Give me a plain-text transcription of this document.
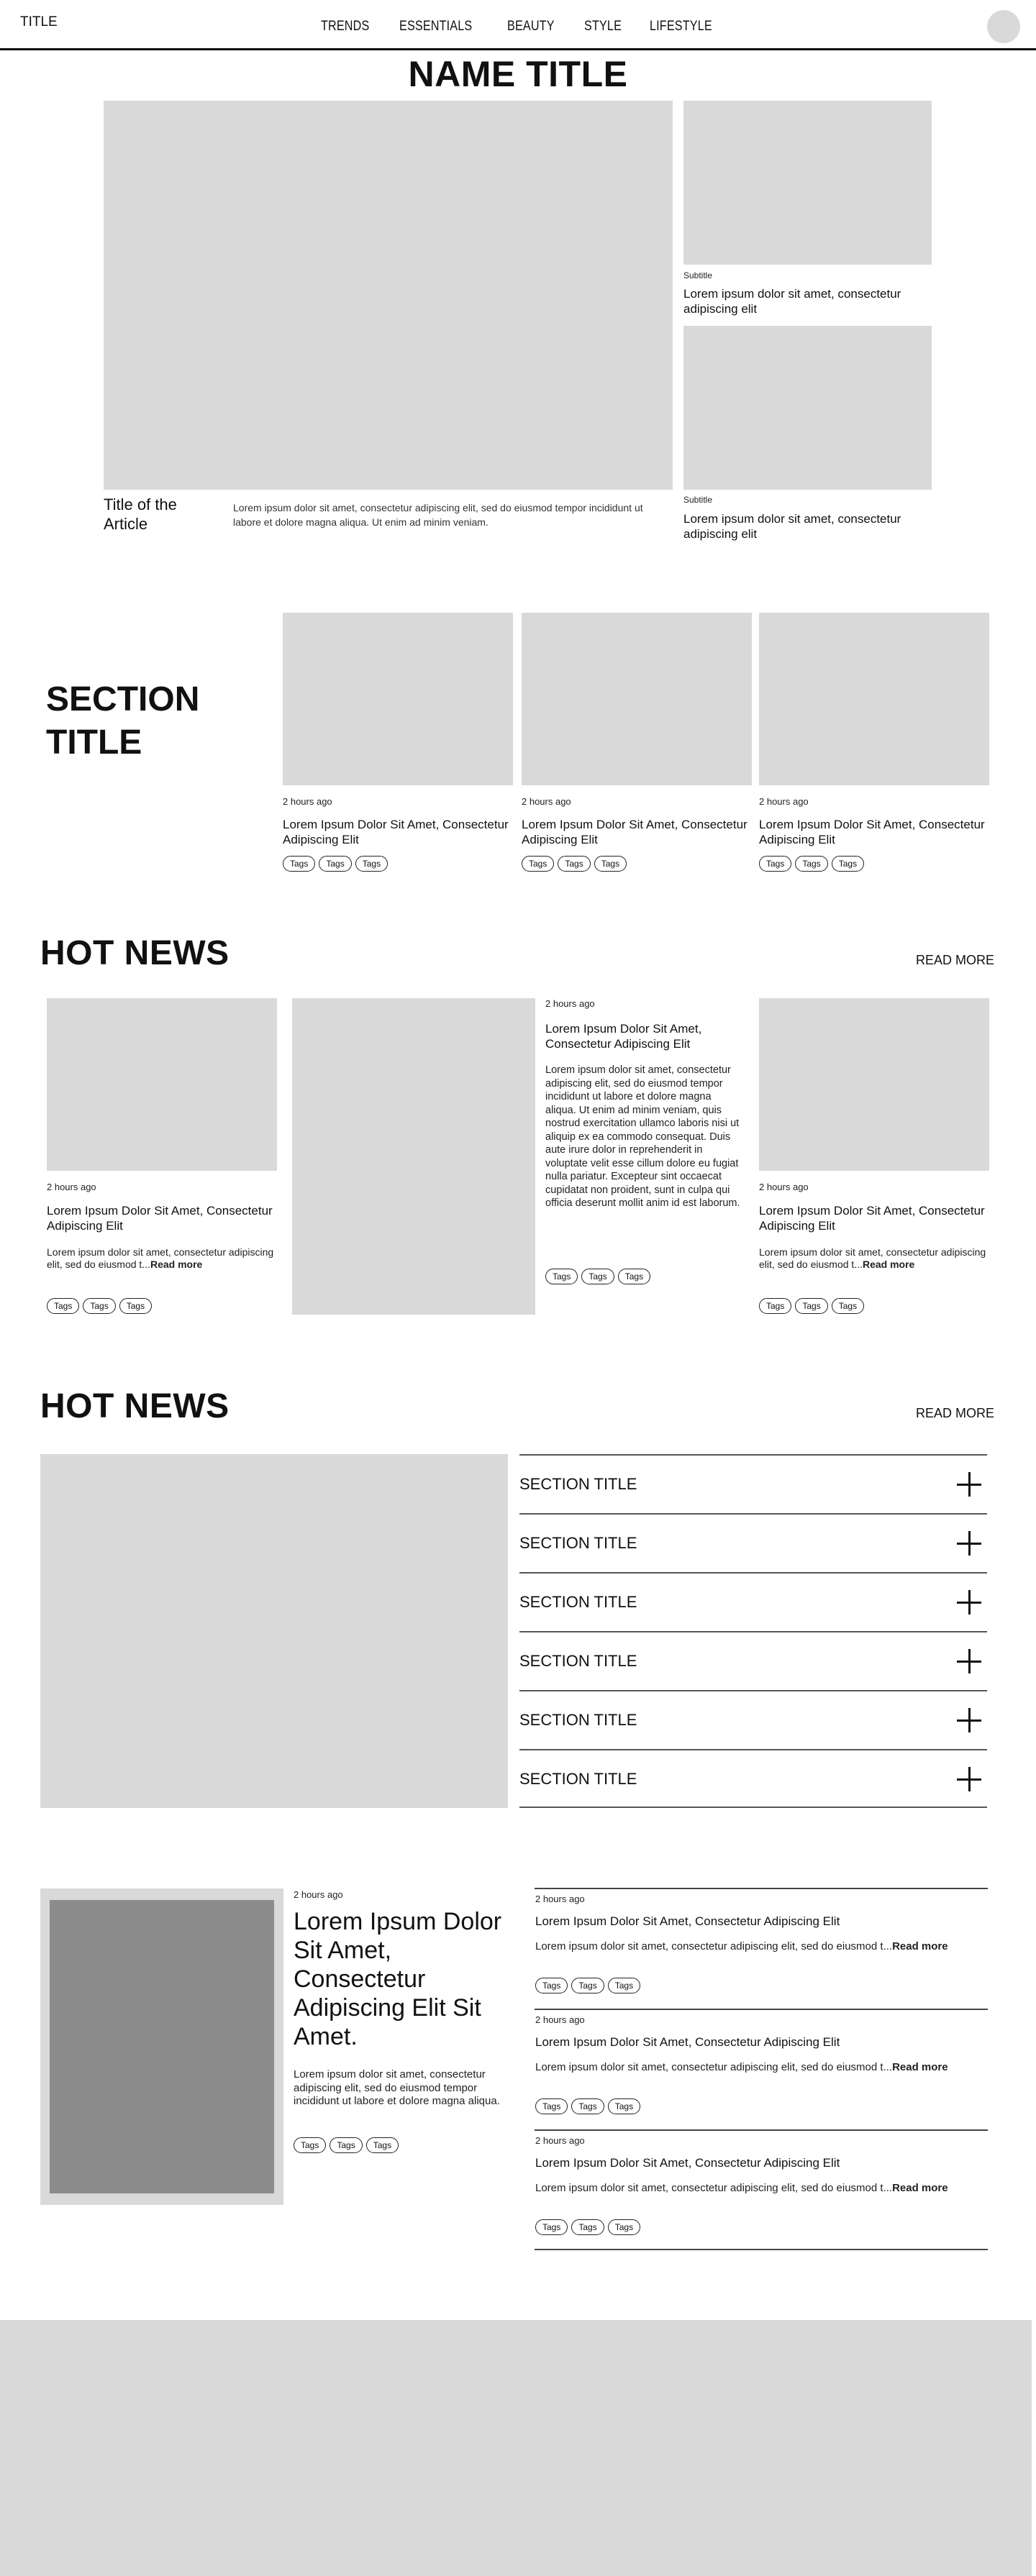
TITLE	TRENDS ESSENTIALS	BEAUTY STYLE LIFESTYLE
NAME TITLE
Title of the
Article
Lorem ipsum dolor sit amet, consectetur adipiscing elit, sed do eiusmod tempor incididunt ut labore et dolore magna aliqua. Ut enim ad minim veniam.
Subtitle
Lorem ipsum dolor sit amet, consectetur adipiscing elit
Subtitle
Lorem ipsum dolor sit amet, consectetur adipiscing elit
SECTION
TITLE
2 hours ago
Lorem Ipsum Dolor Sit Amet, Consectetur Adipiscing Elit
Tags Tags Tags
2 hours ago
Lorem Ipsum Dolor Sit Amet, Consectetur Adipiscing Elit
Tags Tags Tags
2 hours ago
Lorem Ipsum Dolor Sit Amet, Consectetur Adipiscing Elit
Tags Tags Tags
HOT NEWS	READ MORE
2 hours ago
Lorem Ipsum Dolor Sit Amet, Consectetur Adipiscing Elit
Lorem ipsum dolor sit amet, consectetur adipiscing elit, sed do eiusmod t...Read more
Tags Tags Tags
2 hours ago
Lorem Ipsum Dolor Sit Amet, Consectetur Adipiscing Elit
Lorem ipsum dolor sit amet, consectetur adipiscing elit, sed do eiusmod tempor incididunt ut labore et dolore magna aliqua. Ut enim ad minim veniam, quis nostrud exercitation ullamco laboris nisi ut aliquip ex ea commodo consequat. Duis aute irure dolor in reprehenderit in voluptate velit esse cillum dolore eu fugiat nulla pariatur. Excepteur sint occaecat cupidatat non proident, sunt in culpa qui officia deserunt mollit anim id est laborum.
Tags Tags Tags
2 hours ago
Lorem Ipsum Dolor Sit Amet, Consectetur Adipiscing Elit
Lorem ipsum dolor sit amet, consectetur adipiscing elit, sed do eiusmod t...Read more
Tags Tags Tags
HOT NEWS	READ MORE
SECTION TITLE
SECTION TITLE
SECTION TITLE
SECTION TITLE
SECTION TITLE
SECTION TITLE
2 hours ago
Lorem Ipsum Dolor Sit Amet, Consectetur Adipiscing Elit Sit Amet.
Lorem ipsum dolor sit amet, consectetur adipiscing elit, sed do eiusmod tempor incididunt ut labore et dolore magna aliqua.
Tags Tags Tags
2 hours ago
Lorem Ipsum Dolor Sit Amet, Consectetur Adipiscing Elit
Lorem ipsum dolor sit amet, consectetur adipiscing elit, sed do eiusmod t...Read more
Tags Tags Tags
2 hours ago
Lorem Ipsum Dolor Sit Amet, Consectetur Adipiscing Elit
Lorem ipsum dolor sit amet, consectetur adipiscing elit, sed do eiusmod t...Read more
Tags Tags Tags
2 hours ago
Lorem Ipsum Dolor Sit Amet, Consectetur Adipiscing Elit
Lorem ipsum dolor sit amet, consectetur adipiscing elit, sed do eiusmod t...Read more
Tags Tags Tags
